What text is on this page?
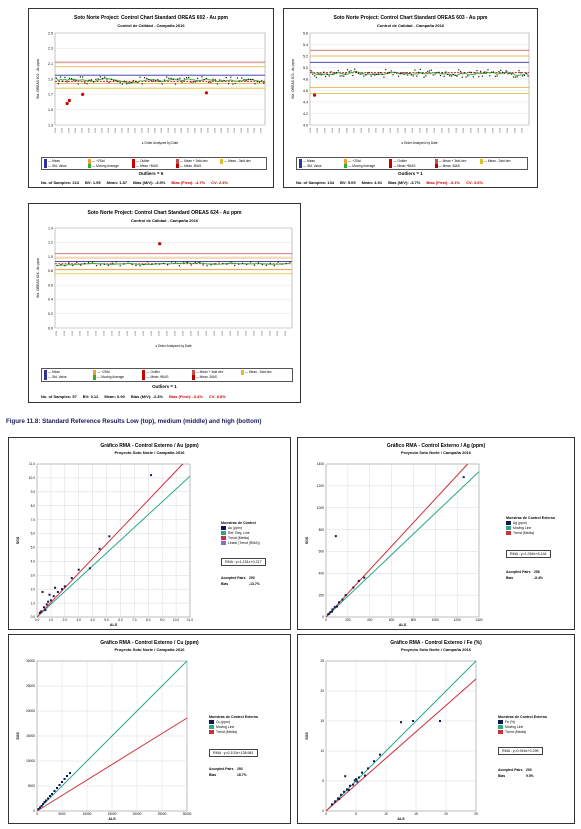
Soto Norte Project: Control Chart Standard OREAS 602 - Au ppm
Control de Calidad - Campaña 2016
1.3
1.5
1.7
1.9
2.1
2.3
2.5
Std. OREAS 602 - Au ppm
2016 2016 2016 2016 2016 2016 2016 2016 2016 2016 2016 2016 2016 2016 2016 2016 2016 2016 2016 2016 2016 2016 2016 2016 2016 2016 2016 2016 2016 2016 2016 2016
♦ Order Analyzed by Date
— Mean	— +2Std	— Outlier	— Mean + 3std dev	— Mean - 3std dev
— Std. Value	— Moving Average	— Mean +BIAS	— Mean -BIAS
Outliers = 5
No. of Samples: 213 BV: 1.95 Mean: 1.87 Bias (M/V): -3.5% Bias (First): -4.7% CV: 2.4%
Soto Norte Project: Control Chart Standard OREAS 603 - Au ppm
Control de Calidad - Campaña 2016
4.0
4.2
4.4
4.6
4.8
5.0
5.2
5.4
5.6
Std. OREAS 603 - Au ppm
2016 2016 2016 2016 2016 2016 2016 2016 2016 2016 2016 2016 2016 2016 2016 2016 2016 2016 2016 2016 2016 2016 2016 2016 2016 2016 2016 2016 2016 2016
♦ Order Analyzed by Date
— Mean	— +2Std	— Outlier	— Mean + 3std dev	— Mean - 3std dev
— Std. Value	— Moving Average	— Mean +BIAS	— Mean -BIAS
Outliers = 1
No. of Samples: 134 BV: 5.09 Mean: 4.91 Bias (M/V): -3.7% Bias (First): -5.1% CV: 3.6%
Soto Norte Project: Control Chart Standard OREAS 624 - Au ppm
Control de Calidad - Campaña 2016
0.0
0.2
0.4
0.6
0.8
1.0
1.2
1.4
Std. OREAS 624 - Au ppm
2016	2016	2016	2016	2016	2016	2016	2016	2016	2016	2016	2016	2016	2016	2016	2016	2016	2016	2016	2016	2016	2016	2016	2016	2016	2016	2016	2016	2016	2016
♦ Order Analyzed by Date
— Mean	— +2Std	— Outlier	— Mean + 3std dev	— Mean - 3std dev
— Std. Value	— Moving Average	— Mean +BIAS	— Mean -BIAS
Outliers = 1
No. of Samples: 57 BV: 0.12 Mean: 0.90 Bias (M/V): -2.3% Bias (First): -3.4% CV: 8.8%
Figure 11.8: Standard Reference Results Low (top), medium (middle) and high (bottom)
Gráfico RMA - Control Externo / Au (ppm)
Proyecto Soto Norte / Campaña 2016
0.0
0.0
1.0
1.0
2.0
2.0
3.0
3.0
4.0
4.0
5.0
5.0
6.0
6.0
7.0
7.0
8.0
8.0
9.0
9.0
10.0
10.0
11.0
11.0
ALS
SGS
Muestras de Control
Au (ppm)
Ref. Reg. Line
Trend (Media)
Lineal (Trend (RMA))
RMA : y=1.151x+0.217
Accepted Pairs 293
Bias	-13.7%
Gráfico RMA - Control Externo / Ag (ppm)
Proyecto Soto Norte / Campaña 2016
0
0
200
200
400
400
600
600
800
800
1000
1000
1200
1200
1400
1400
ALS
SGS
Muestras de Control Externo
Ag (ppm)
Moving Line
Trend (Media)
RMA : y=1.094x+6.144
Accepted Pairs 256
Bias	-8.4%
Gráfico RMA - Control Externo / Cu (ppm)
Proyecto Soto Norte / Campaña 2016
0
0
5000
5000
10000
10000
15000
15000
20000
20000
25000
25000
30000
30000
ALS
SGS
Muestras de Control Externo
Cu (ppm)
Moving Line
Trend (Media)
RMA : y=0.103x+138.981
Accepted Pairs 293
Bias	18.7%
Gráfico RMA - Control Externo / Fe (%)
Proyecto Soto Norte / Campaña 2016
0
0
5
5
10
10
15
15
20
20
25
25
ALS
SGS
Muestras de Control Externo
Fe (%)
Moving Line
Trend (Media)
RMA : y=0.916x+0.299
Accepted Pairs 293
Bias	9.5%
